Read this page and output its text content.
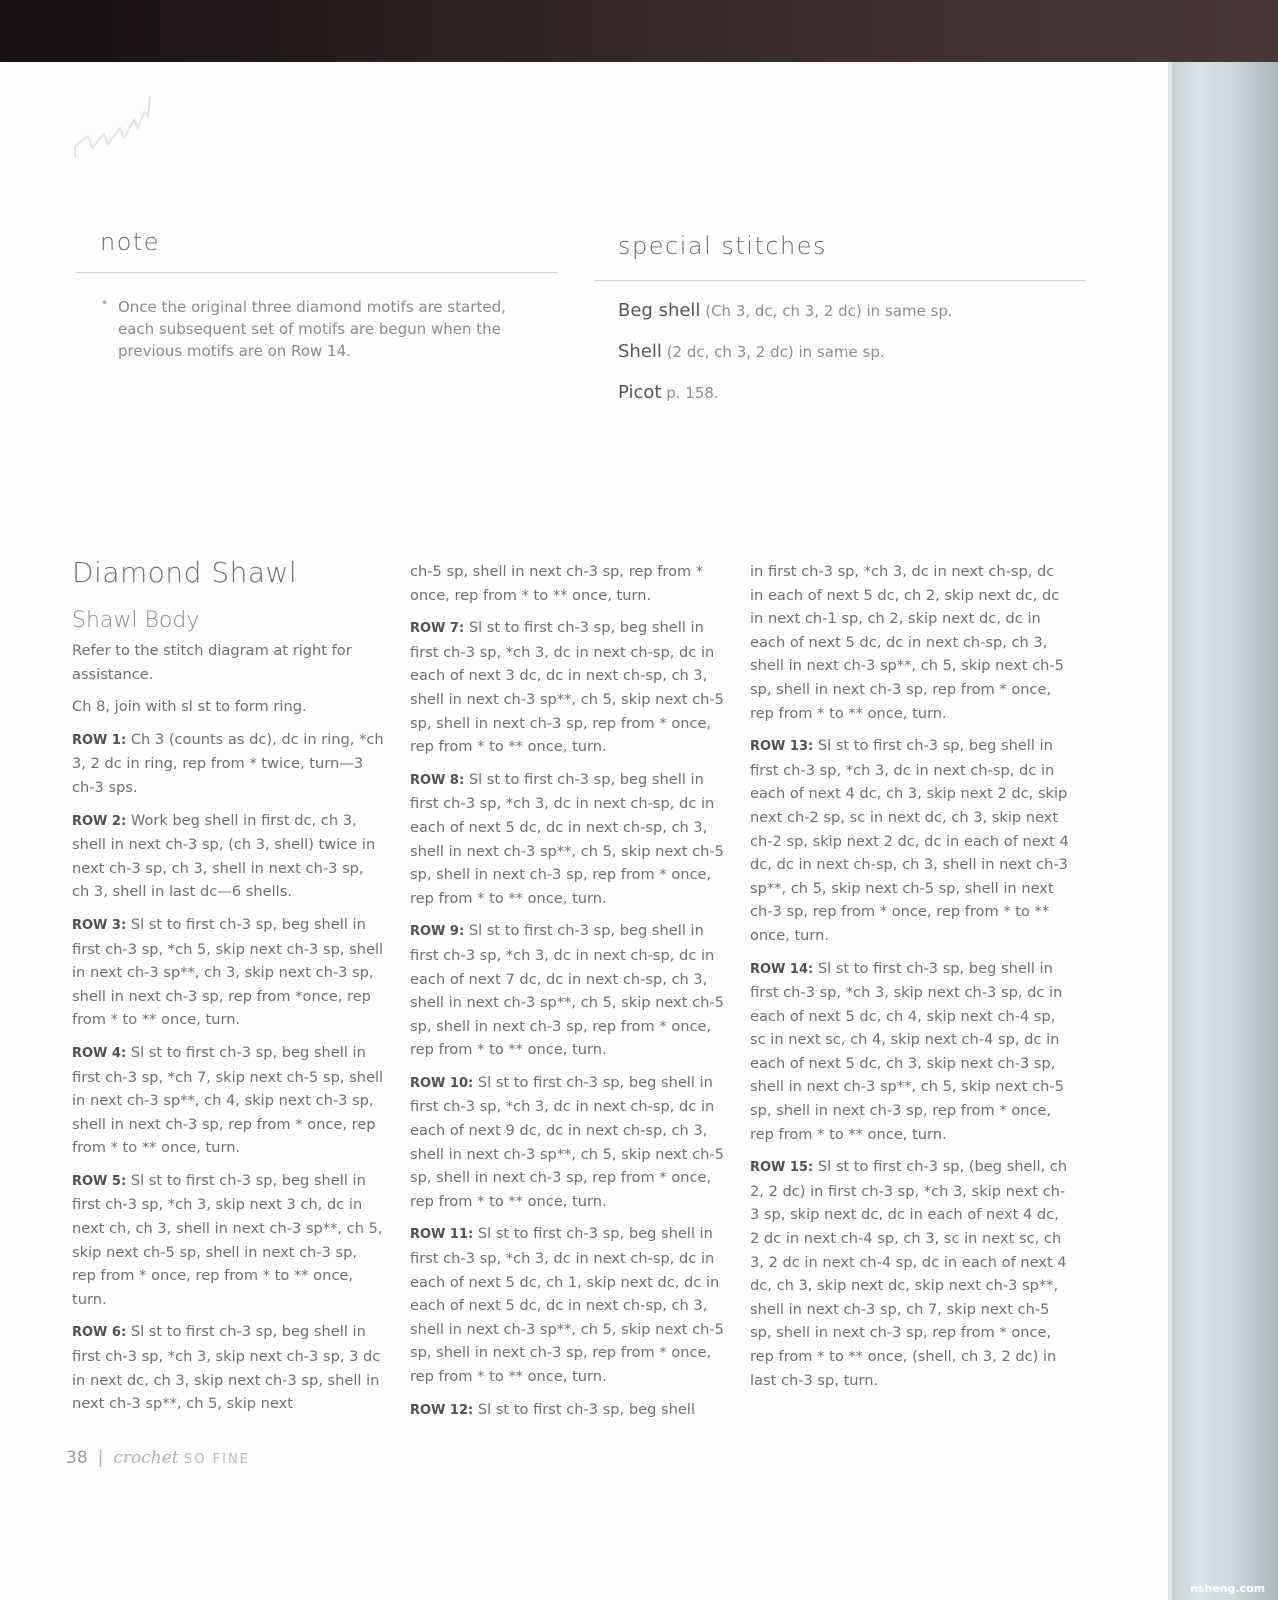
note
• Once the original three diamond motifs are started, each subsequent set of motifs are begun when the previous motifs are on Row 14.
special stitches
Beg shell (Ch 3, dc, ch 3, 2 dc) in same sp.
Shell (2 dc, ch 3, 2 dc) in same sp.
Picot p. 158.
Diamond Shawl
Shawl Body

Refer to the stitch diagram at right for assistance.

Ch 8, join with sl st to form ring.

ROW 1: Ch 3 (counts as dc), dc in ring, *ch 3, 2 dc in ring, rep from * twice, turn—3 ch-3 sps.

ROW 2: Work beg shell in first dc, ch 3, shell in next ch-3 sp, (ch 3, shell) twice in next ch-3 sp, ch 3, shell in next ch-3 sp, ch 3, shell in last dc—6 shells.

ROW 3: Sl st to first ch-3 sp, beg shell in first ch-3 sp, *ch 5, skip next ch-3 sp, shell in next ch-3 sp**, ch 3, skip next ch-3 sp, shell in next ch-3 sp, rep from *once, rep from * to ** once, turn.

ROW 4: Sl st to first ch-3 sp, beg shell in first ch-3 sp, *ch 7, skip next ch-5 sp, shell in next ch-3 sp**, ch 4, skip next ch-3 sp, shell in next ch-3 sp, rep from * once, rep from * to ** once, turn.

ROW 5: Sl st to first ch-3 sp, beg shell in first ch-3 sp, *ch 3, skip next 3 ch, dc in next ch, ch 3, shell in next ch-3 sp**, ch 5, skip next ch-5 sp, shell in next ch-3 sp, rep from * once, rep from * to ** once, turn.

ROW 6: Sl st to first ch-3 sp, beg shell in first ch-3 sp, *ch 3, skip next ch-3 sp, 3 dc in next dc, ch 3, skip next ch-3 sp, shell in next ch-3 sp**, ch 5, skip next

ch-5 sp, shell in next ch-3 sp, rep from * once, rep from * to ** once, turn.

ROW 7: Sl st to first ch-3 sp, beg shell in first ch-3 sp, *ch 3, dc in next ch-sp, dc in each of next 3 dc, dc in next ch-sp, ch 3, shell in next ch-3 sp**, ch 5, skip next ch-5 sp, shell in next ch-3 sp, rep from * once, rep from * to ** once, turn.

ROW 8: Sl st to first ch-3 sp, beg shell in first ch-3 sp, *ch 3, dc in next ch-sp, dc in each of next 5 dc, dc in next ch-sp, ch 3, shell in next ch-3 sp**, ch 5, skip next ch-5 sp, shell in next ch-3 sp, rep from * once, rep from * to ** once, turn.

ROW 9: Sl st to first ch-3 sp, beg shell in first ch-3 sp, *ch 3, dc in next ch-sp, dc in each of next 7 dc, dc in next ch-sp, ch 3, shell in next ch-3 sp**, ch 5, skip next ch-5 sp, shell in next ch-3 sp, rep from * once, rep from * to ** once, turn.

ROW 10: Sl st to first ch-3 sp, beg shell in first ch-3 sp, *ch 3, dc in next ch-sp, dc in each of next 9 dc, dc in next ch-sp, ch 3, shell in next ch-3 sp**, ch 5, skip next ch-5 sp, shell in next ch-3 sp, rep from * once, rep from * to ** once, turn.

ROW 11: Sl st to first ch-3 sp, beg shell in first ch-3 sp, *ch 3, dc in next ch-sp, dc in each of next 5 dc, ch 1, skip next dc, dc in each of next 5 dc, dc in next ch-sp, ch 3, shell in next ch-3 sp**, ch 5, skip next ch-5 sp, shell in next ch-3 sp, rep from * once, rep from * to ** once, turn.

ROW 12: Sl st to first ch-3 sp, beg shell

in first ch-3 sp, *ch 3, dc in next ch-sp, dc in each of next 5 dc, ch 2, skip next dc, dc in next ch-1 sp, ch 2, skip next dc, dc in each of next 5 dc, dc in next ch-sp, ch 3, shell in next ch-3 sp**, ch 5, skip next ch-5 sp, shell in next ch-3 sp, rep from * once, rep from * to ** once, turn.

ROW 13: Sl st to first ch-3 sp, beg shell in first ch-3 sp, *ch 3, dc in next ch-sp, dc in each of next 4 dc, ch 3, skip next 2 dc, skip next ch-2 sp, sc in next dc, ch 3, skip next ch-2 sp, skip next 2 dc, dc in each of next 4 dc, dc in next ch-sp, ch 3, shell in next ch-3 sp**, ch 5, skip next ch-5 sp, shell in next ch-3 sp, rep from * once, rep from * to ** once, turn.

ROW 14: Sl st to first ch-3 sp, beg shell in first ch-3 sp, *ch 3, skip next ch-3 sp, dc in each of next 5 dc, ch 4, skip next ch-4 sp, sc in next sc, ch 4, skip next ch-4 sp, dc in each of next 5 dc, ch 3, skip next ch-3 sp, shell in next ch-3 sp**, ch 5, skip next ch-5 sp, shell in next ch-3 sp, rep from * once, rep from * to ** once, turn.

ROW 15: Sl st to first ch-3 sp, (beg shell, ch 2, 2 dc) in first ch-3 sp, *ch 3, skip next ch-3 sp, skip next dc, dc in each of next 4 dc, 2 dc in next ch-4 sp, ch 3, sc in next sc, ch 3, 2 dc in next ch-4 sp, dc in each of next 4 dc, ch 3, skip next dc, skip next ch-3 sp**, shell in next ch-3 sp, ch 7, skip next ch-5 sp, shell in next ch-3 sp, rep from * once, rep from * to ** once, (shell, ch 3, 2 dc) in last ch-3 sp, turn.

38 | crochet SO FINE
nsheng.com
